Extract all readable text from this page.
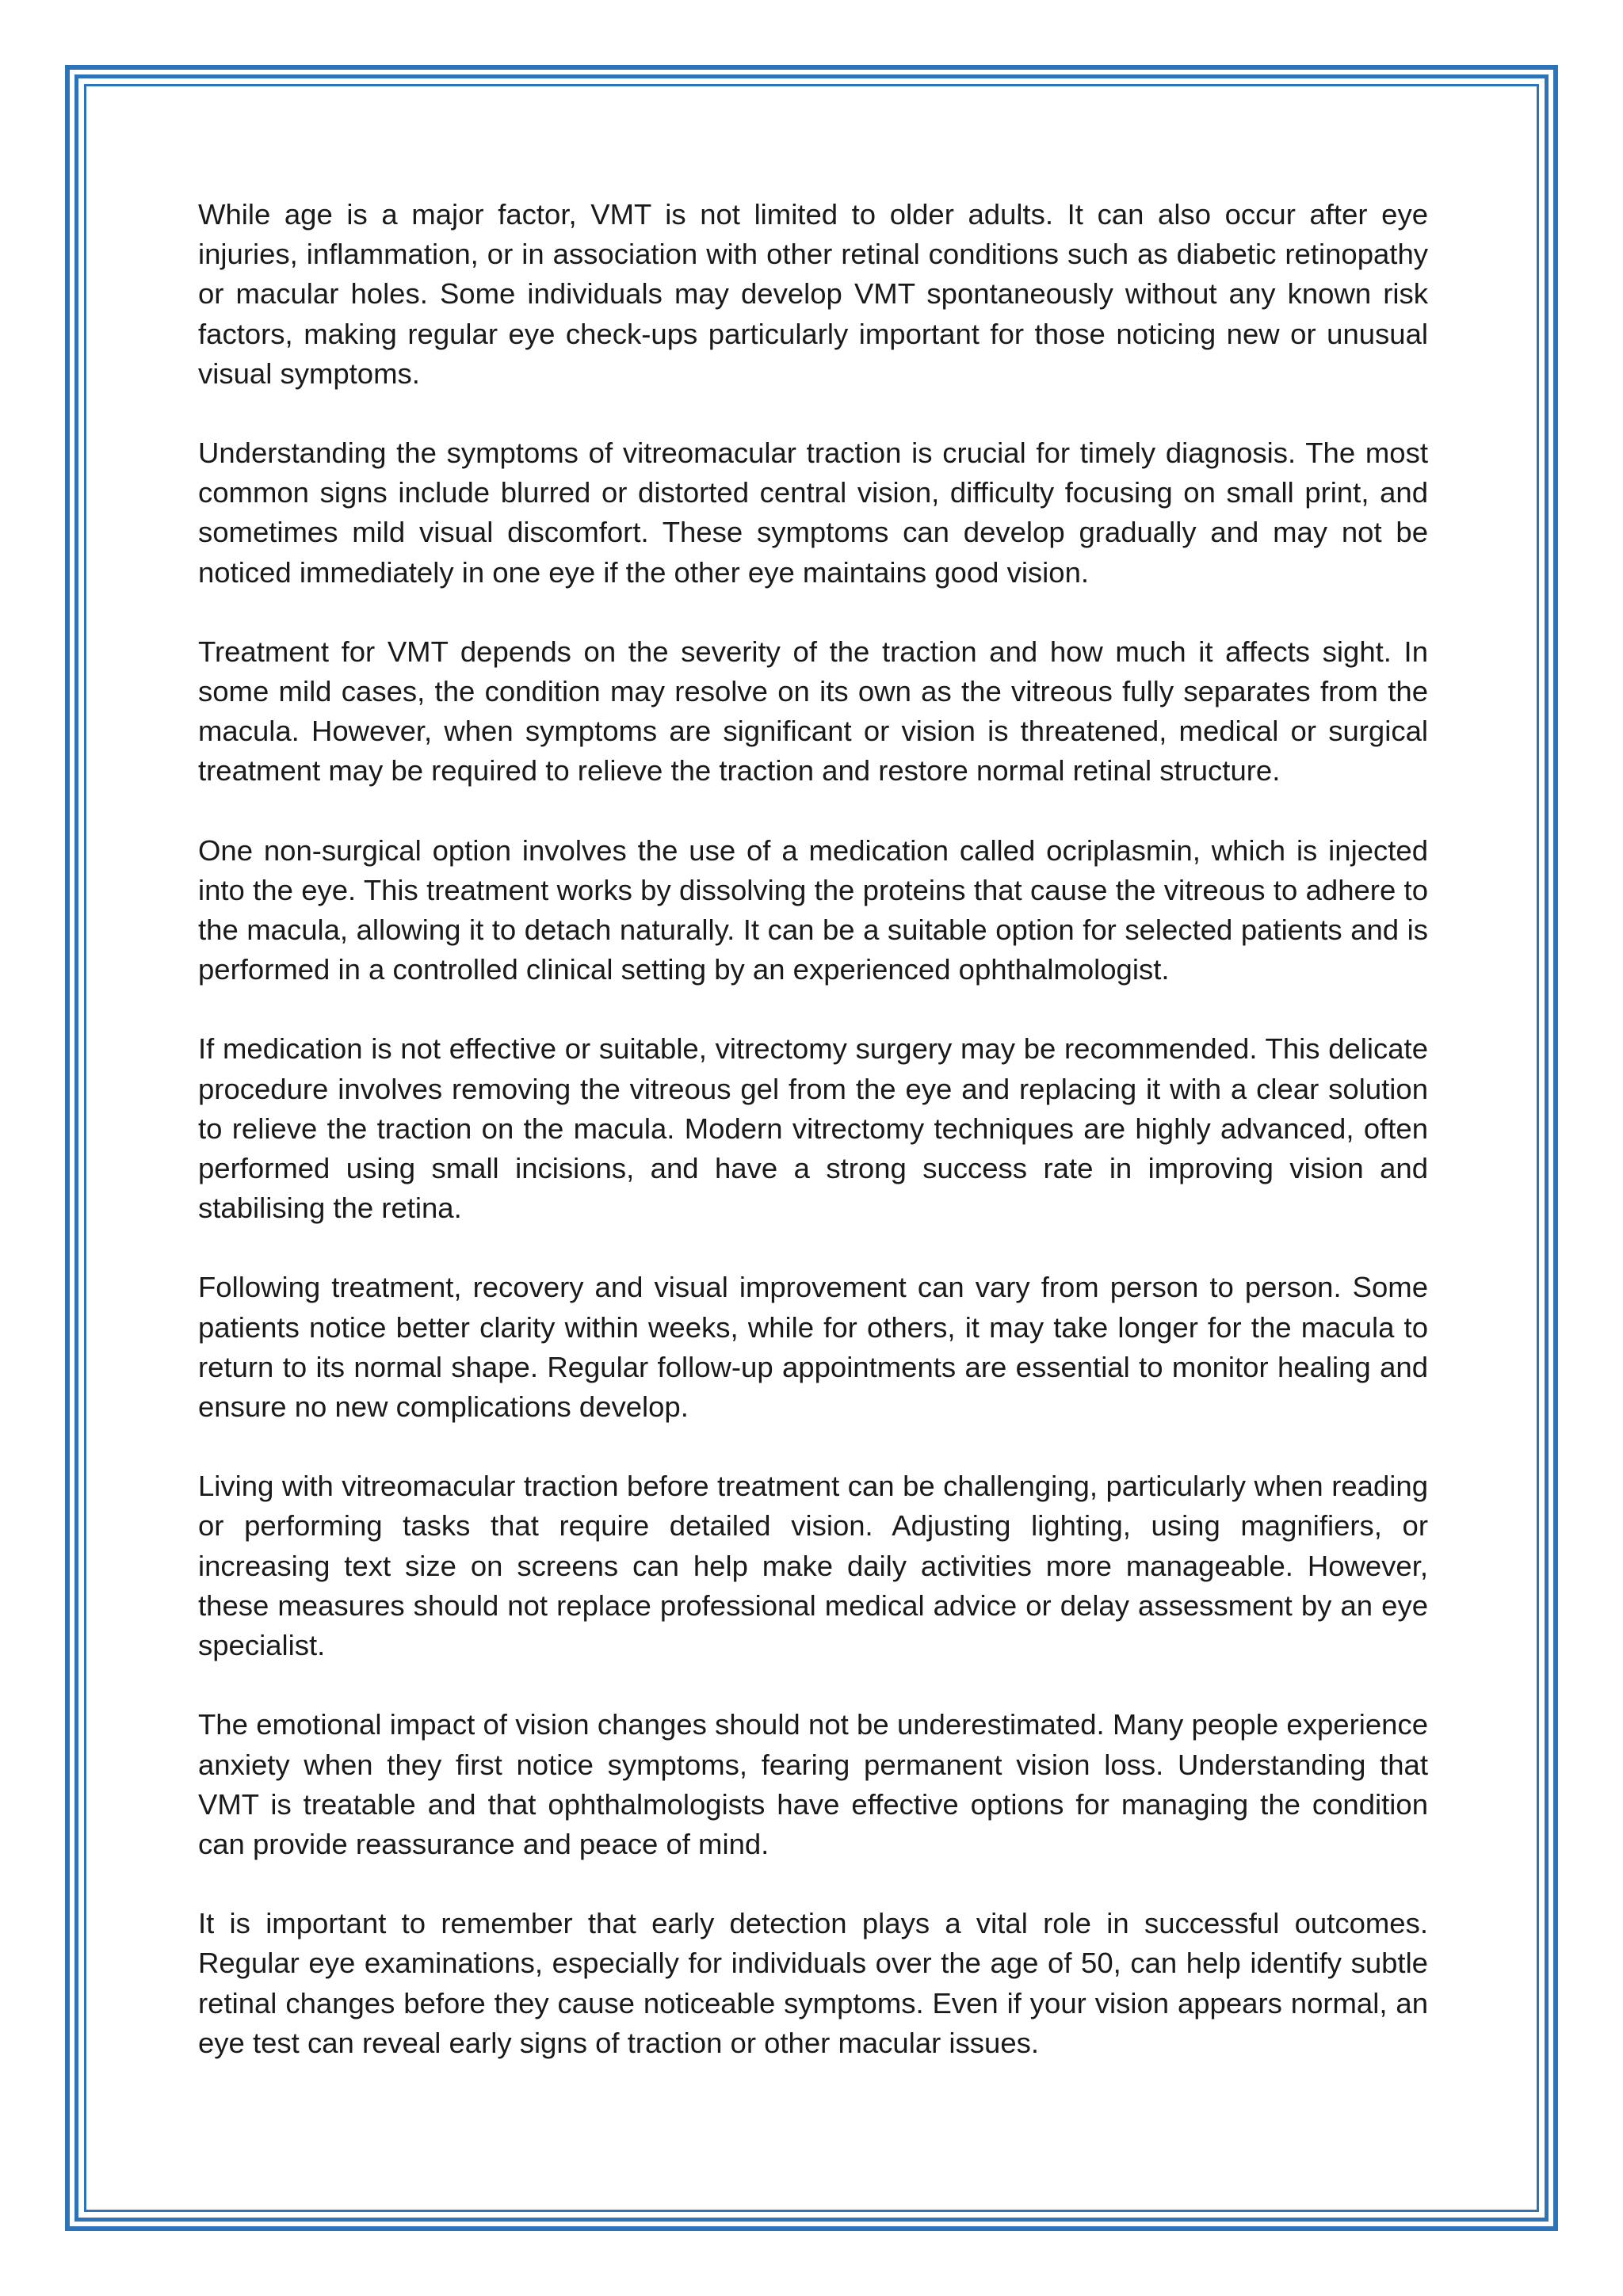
While age is a major factor, VMT is not limited to older adults. It can also occur after eye injuries, inflammation, or in association with other retinal conditions such as diabetic retinopathy or macular holes. Some individuals may develop VMT spontaneously without any known risk factors, making regular eye check-ups particularly important for those noticing new or unusual visual symptoms.

Understanding the symptoms of vitreomacular traction is crucial for timely diagnosis. The most common signs include blurred or distorted central vision, difficulty focusing on small print, and sometimes mild visual discomfort. These symptoms can develop gradually and may not be noticed immediately in one eye if the other eye maintains good vision.

Treatment for VMT depends on the severity of the traction and how much it affects sight. In some mild cases, the condition may resolve on its own as the vitreous fully separates from the macula. However, when symptoms are significant or vision is threatened, medical or surgical treatment may be required to relieve the traction and restore normal retinal structure.

One non-surgical option involves the use of a medication called ocriplasmin, which is injected into the eye. This treatment works by dissolving the proteins that cause the vitreous to adhere to the macula, allowing it to detach naturally. It can be a suitable option for selected patients and is performed in a controlled clinical setting by an experienced ophthalmologist.

If medication is not effective or suitable, vitrectomy surgery may be recommended. This delicate procedure involves removing the vitreous gel from the eye and replacing it with a clear solution to relieve the traction on the macula. Modern vitrectomy techniques are highly advanced, often performed using small incisions, and have a strong success rate in improving vision and stabilising the retina.

Following treatment, recovery and visual improvement can vary from person to person. Some patients notice better clarity within weeks, while for others, it may take longer for the macula to return to its normal shape. Regular follow-up appointments are essential to monitor healing and ensure no new complications develop.

Living with vitreomacular traction before treatment can be challenging, particularly when reading or performing tasks that require detailed vision. Adjusting lighting, using magnifiers, or increasing text size on screens can help make daily activities more manageable. However, these measures should not replace professional medical advice or delay assessment by an eye specialist.

The emotional impact of vision changes should not be underestimated. Many people experience anxiety when they first notice symptoms, fearing permanent vision loss. Understanding that VMT is treatable and that ophthalmologists have effective options for managing the condition can provide reassurance and peace of mind.

It is important to remember that early detection plays a vital role in successful outcomes. Regular eye examinations, especially for individuals over the age of 50, can help identify subtle retinal changes before they cause noticeable symptoms. Even if your vision appears normal, an eye test can reveal early signs of traction or other macular issues.
